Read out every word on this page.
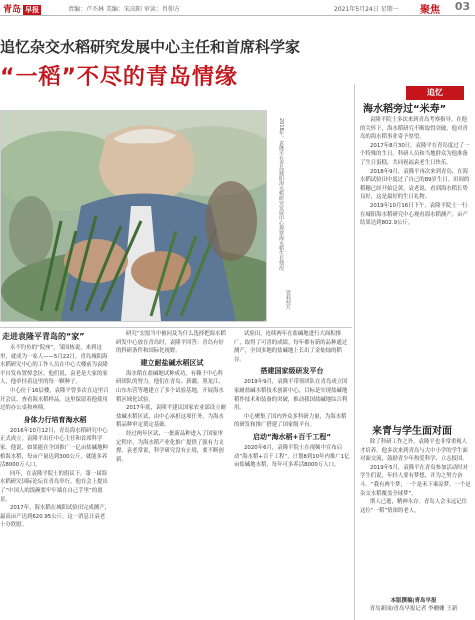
青岛 早报	责编：卢丕林 美编：宋高阳 审读：肖仰方	2021年5月24日 星期一 聚焦	03
追忆杂交水稻研究发展中心主任和首席科学家
“一稻”不尽的青岛情缘
追忆
2018年，袁隆平在青岛城阳海水稻研究发展中心观察海水稻生长情况
资料照片
走进袁隆平青岛的“家”

永不钓鱼的“院座”，邹国栋说，来到这里，就成为一家人——5月22日，青岛城阳海水稻研究中心的工作人员在中心大楼前为袁隆平自发布置悼念区。他们说，袁老是大家的家人，他牵挂着这里的每一颗种子。

中心位于16层楼，袁隆平曾多次在这里召开会议、查看海水稻样品。这里保留着他使用过的办公桌和座椅。

身体力行培育海水稻

2016年10月12日，青岛海水稻研究中心正式成立。袁隆平出任中心主任和首席科学家。他说，如果能在全国推广一亿亩盐碱地种植海水稻，每亩产量达到300公斤，就能多养活8000万人口。

同年，在袁隆平院士的倡议下，第一届海水稻研究国际论坛在青岛举行，他在会上提出了“中国人的饭碗要牢牢端在自己手里”的愿景。

2017年，海水稻在城阳试验田完成测产，最高亩产达到620.95公斤，这一消息让袁老十分欣慰。

研究“宏愿当中被问及为什么选择把海水稻研发中心放在青岛时，袁隆平回答：青岛有好的科研条件和国际化视野。

建立耐盐碱水稻区试

海水稻在盐碱地试种成功，有赖于中心科研团队的努力。他们在青岛、新疆、黑龙江、山东东营等地建立了多个试验基地，开展海水稻区域化试验。

2017年底，袁隆平建议国家农业部设立耐盐碱水稻区试，由中心承担这项任务，为海水稻品种审定奠定基础。

经过两年区试，一批新品种进入了国家审定程序，为海水稻产业化推广提供了强有力支撑。袁老常说，科学研究没有止境，要不断创新。

试验田，连续两年在盐碱地进行大面积推广，取得了可喜的成绩。每年都有新的品种通过测产，全国多地的盐碱地上长出了金灿灿的稻谷。

搭建国家级研发平台

2019年9月，袁隆平带领团队在青岛成立国家耐盐碱水稻技术创新中心，目标是实现盐碱地稻作技术和装备的突破，推动我国盐碱地综合利用。

中心聚集了国内外众多科研力量，为海水稻的研发和推广搭建了国家级平台。

启动“海水稻+百千工程”

2020年6月，袁隆平院士在视频中宣布启动“海水稻+百千工程”，计划8到10年内推广1亿亩盐碱地水稻，每年可多养活8000万人口。

海水稻旁过“米寿”

袁隆平院士多次来到青岛考察指导。在他的关怀下，海水稻研究不断取得突破，他对青岛的海水稻事业寄予厚望。

2017年8月30日，袁隆平在青岛度过了一个特殊的生日。科研人员和当地群众为他准备了生日蛋糕，共同祝福袁老生日快乐。

2018年9月，袁隆平再次来到青岛，在海水稻试验田中度过了自己的89岁生日。田间的稻穗已经开始泛黄，袁老说，看到海水稻长势良好，这是最好的生日礼物。

2019年10月16日下午，袁隆平院士一行在城阳海水稻研究中心观看海水稻测产，亩产结果达到802.9公斤。

来青与学生面对面

除了科研工作之外，袁隆平也非常重视人才培养。他多次来到青岛与大中小学的学生面对面交流，鼓励青少年热爱科学、立志报国。

2019年5月，袁隆平在青岛参加活动时对学生们说，年轻人要有梦想，并为之努力奋斗。“我有两个梦，一个是禾下乘凉梦，一个是杂交水稻覆盖全球梦”。

斯人已逝，精神永存。青岛人会永远记住这位“一稻”情深的老人。

本版撰稿|青岛早报
青岛新闻/青岛早报记者 李姗姗 王新
